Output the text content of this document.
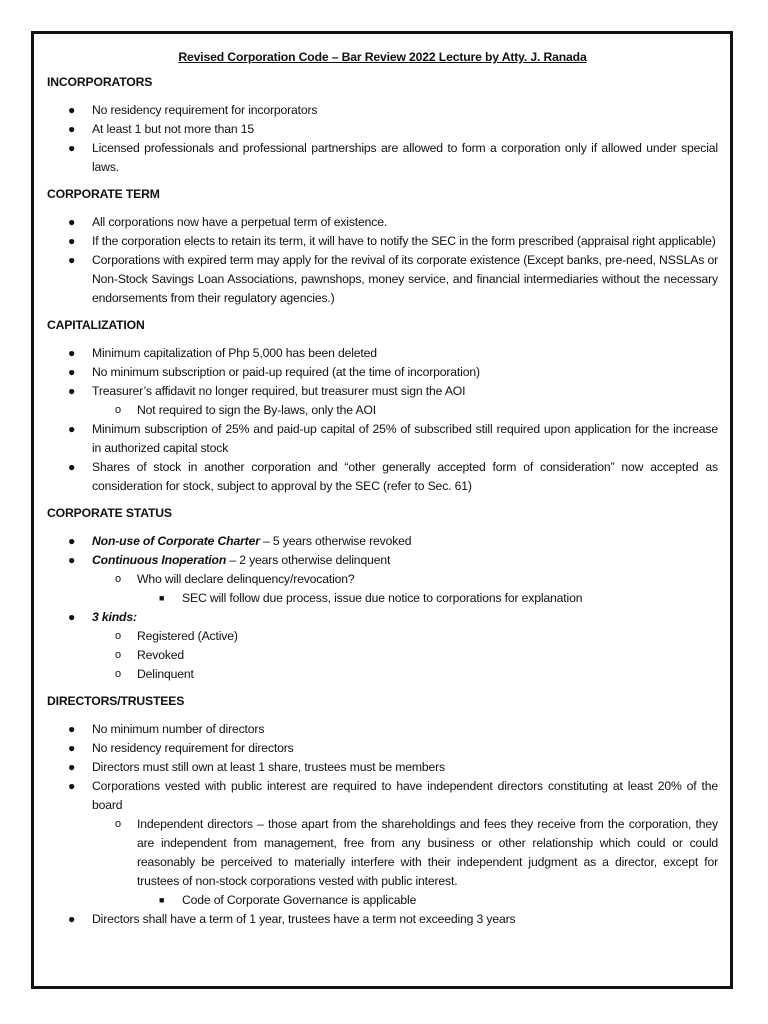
Revised Corporation Code – Bar Review 2022 Lecture by Atty. J. Ranada
INCORPORATORS
● No residency requirement for incorporators
● At least 1 but not more than 15
● Licensed professionals and professional partnerships are allowed to form a corporation only if allowed under special laws.
CORPORATE TERM
● All corporations now have a perpetual term of existence.
● If the corporation elects to retain its term, it will have to notify the SEC in the form prescribed (appraisal right applicable)
● Corporations with expired term may apply for the revival of its corporate existence (Except banks, pre-need, NSSLAs or Non-Stock Savings Loan Associations, pawnshops, money service, and financial intermediaries without the necessary endorsements from their regulatory agencies.)
CAPITALIZATION
● Minimum capitalization of Php 5,000 has been deleted
● No minimum subscription or paid-up required (at the time of incorporation)
● Treasurer’s affidavit no longer required, but treasurer must sign the AOI
o Not required to sign the By-laws, only the AOI
● Minimum subscription of 25% and paid-up capital of 25% of subscribed still required upon application for the increase in authorized capital stock
● Shares of stock in another corporation and “other generally accepted form of consideration” now accepted as consideration for stock, subject to approval by the SEC (refer to Sec. 61)
CORPORATE STATUS
● Non-use of Corporate Charter – 5 years otherwise revoked
● Continuous Inoperation – 2 years otherwise delinquent
o Who will declare delinquency/revocation?
■ SEC will follow due process, issue due notice to corporations for explanation
● 3 kinds:
o Registered (Active)
o Revoked
o Delinquent
DIRECTORS/TRUSTEES
● No minimum number of directors
● No residency requirement for directors
● Directors must still own at least 1 share, trustees must be members
● Corporations vested with public interest are required to have independent directors constituting at least 20% of the board
o Independent directors – those apart from the shareholdings and fees they receive from the corporation, they are independent from management, free from any business or other relationship which could or could reasonably be perceived to materially interfere with their independent judgment as a director, except for trustees of non-stock corporations vested with public interest.
■ Code of Corporate Governance is applicable
● Directors shall have a term of 1 year, trustees have a term not exceeding 3 years
